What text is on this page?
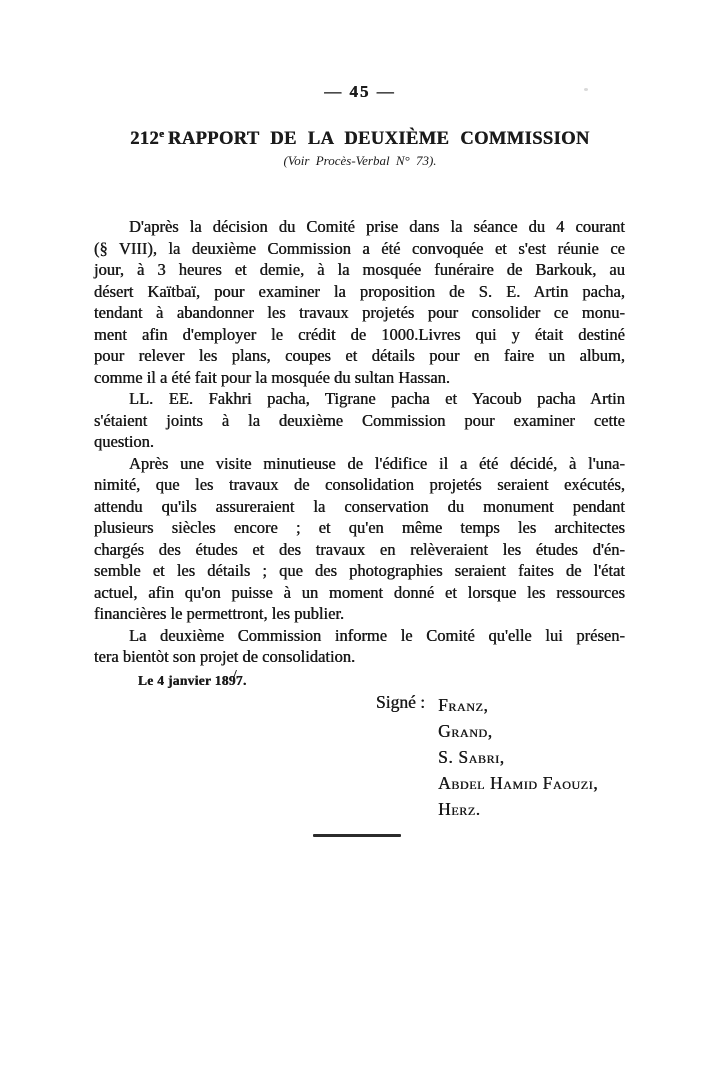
— 45 —
212e RAPPORT DE LA DEUXIÈME COMMISSION
(Voir Procès-Verbal N° 73).
D'après la décision du Comité prise dans la séance du 4 courant
(§ VIII), la deuxième Commission a été convoquée et s'est réunie ce
jour, à 3 heures et demie, à la mosquée funéraire de Barkouk, au
désert Kaïtbaï, pour examiner la proposition de S. E. Artin pacha,
tendant à abandonner les travaux projetés pour consolider ce monu-
ment afin d'employer le crédit de 1000.Livres qui y était destiné
pour relever les plans, coupes et détails pour en faire un album,
comme il a été fait pour la mosquée du sultan Hassan.
LL. EE. Fakhri pacha, Tigrane pacha et Yacoub pacha Artin
s'étaient joints à la deuxième Commission pour examiner cette
question.
Après une visite minutieuse de l'édifice il a été décidé, à l'una-
nimité, que les travaux de consolidation projetés seraient exécutés,
attendu qu'ils assureraient la conservation du monument pendant
plusieurs siècles encore ; et qu'en même temps les architectes
chargés des études et des travaux en relèveraient les études d'én-
semble et les détails ; que des photographies seraient faites de l'état
actuel, afin qu'on puisse à un moment donné et lorsque les ressources
financières le permettront, les publier.
La deuxième Commission informe le Comité qu'elle lui présen-
tera bientòt son projet de consolidation.
Le 4 janvier 1897. /
Signé : Franz,
Grand,
S. Sabri,
Abdel Hamid Faouzi,
Herz.
